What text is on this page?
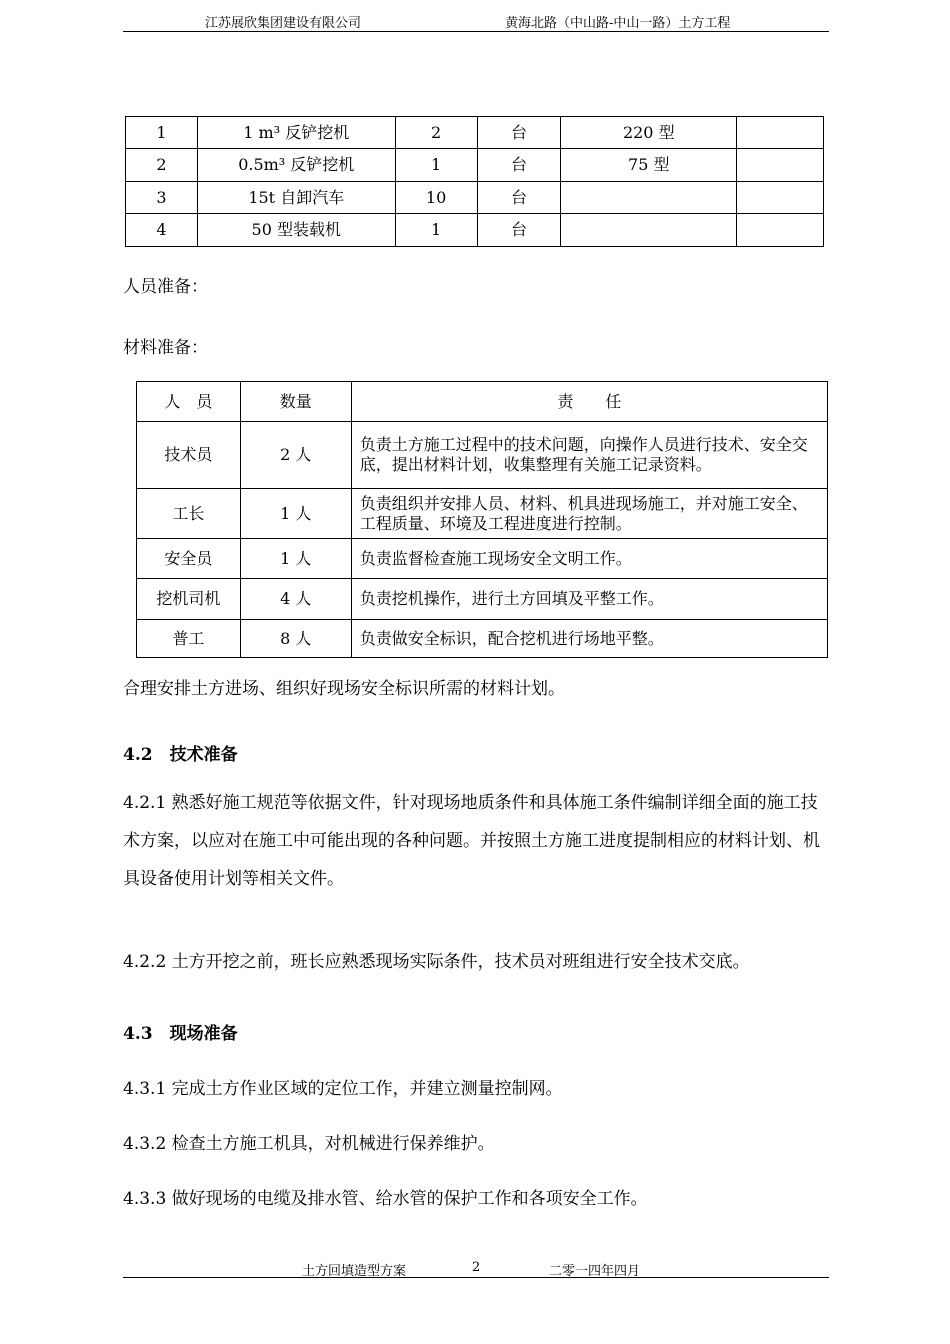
江苏展欣集团建设有限公司	黄海北路（中山路-中山一路）土方工程
1	1 m³ 反铲挖机	2	台	220 型	
2	0.5m³ 反铲挖机	1	台	75 型	
3	15t 自卸汽车	10	台		
4	50 型装载机	1	台		
人员准备：
材料准备：
人　员	数量	责　　任
技术员	2 人	负责土方施工过程中的技术问题，向操作人员进行技术、安全交底，提出材料计划，收集整理有关施工记录资料。
工长	1 人	负责组织并安排人员、材料、机具进现场施工，并对施工安全、工程质量、环境及工程进度进行控制。
安全员	1 人	负责监督检查施工现场安全文明工作。
挖机司机	4 人	负责挖机操作，进行土方回填及平整工作。
普工	8 人	负责做安全标识，配合挖机进行场地平整。
合理安排土方进场、组织好现场安全标识所需的材料计划。
4.2　技术准备
4.2.1 熟悉好施工规范等依据文件，针对现场地质条件和具体施工条件编制详细全面的施工技术方案，以应对在施工中可能出现的各种问题。并按照土方施工进度提制相应的材料计划、机具设备使用计划等相关文件。
4.2.2 土方开挖之前，班长应熟悉现场实际条件，技术员对班组进行安全技术交底。
4.3　现场准备
4.3.1 完成土方作业区域的定位工作，并建立测量控制网。
4.3.2 检查土方施工机具，对机械进行保养维护。
4.3.3 做好现场的电缆及排水管、给水管的保护工作和各项安全工作。
土方回填造型方案	2	二零一四年四月
